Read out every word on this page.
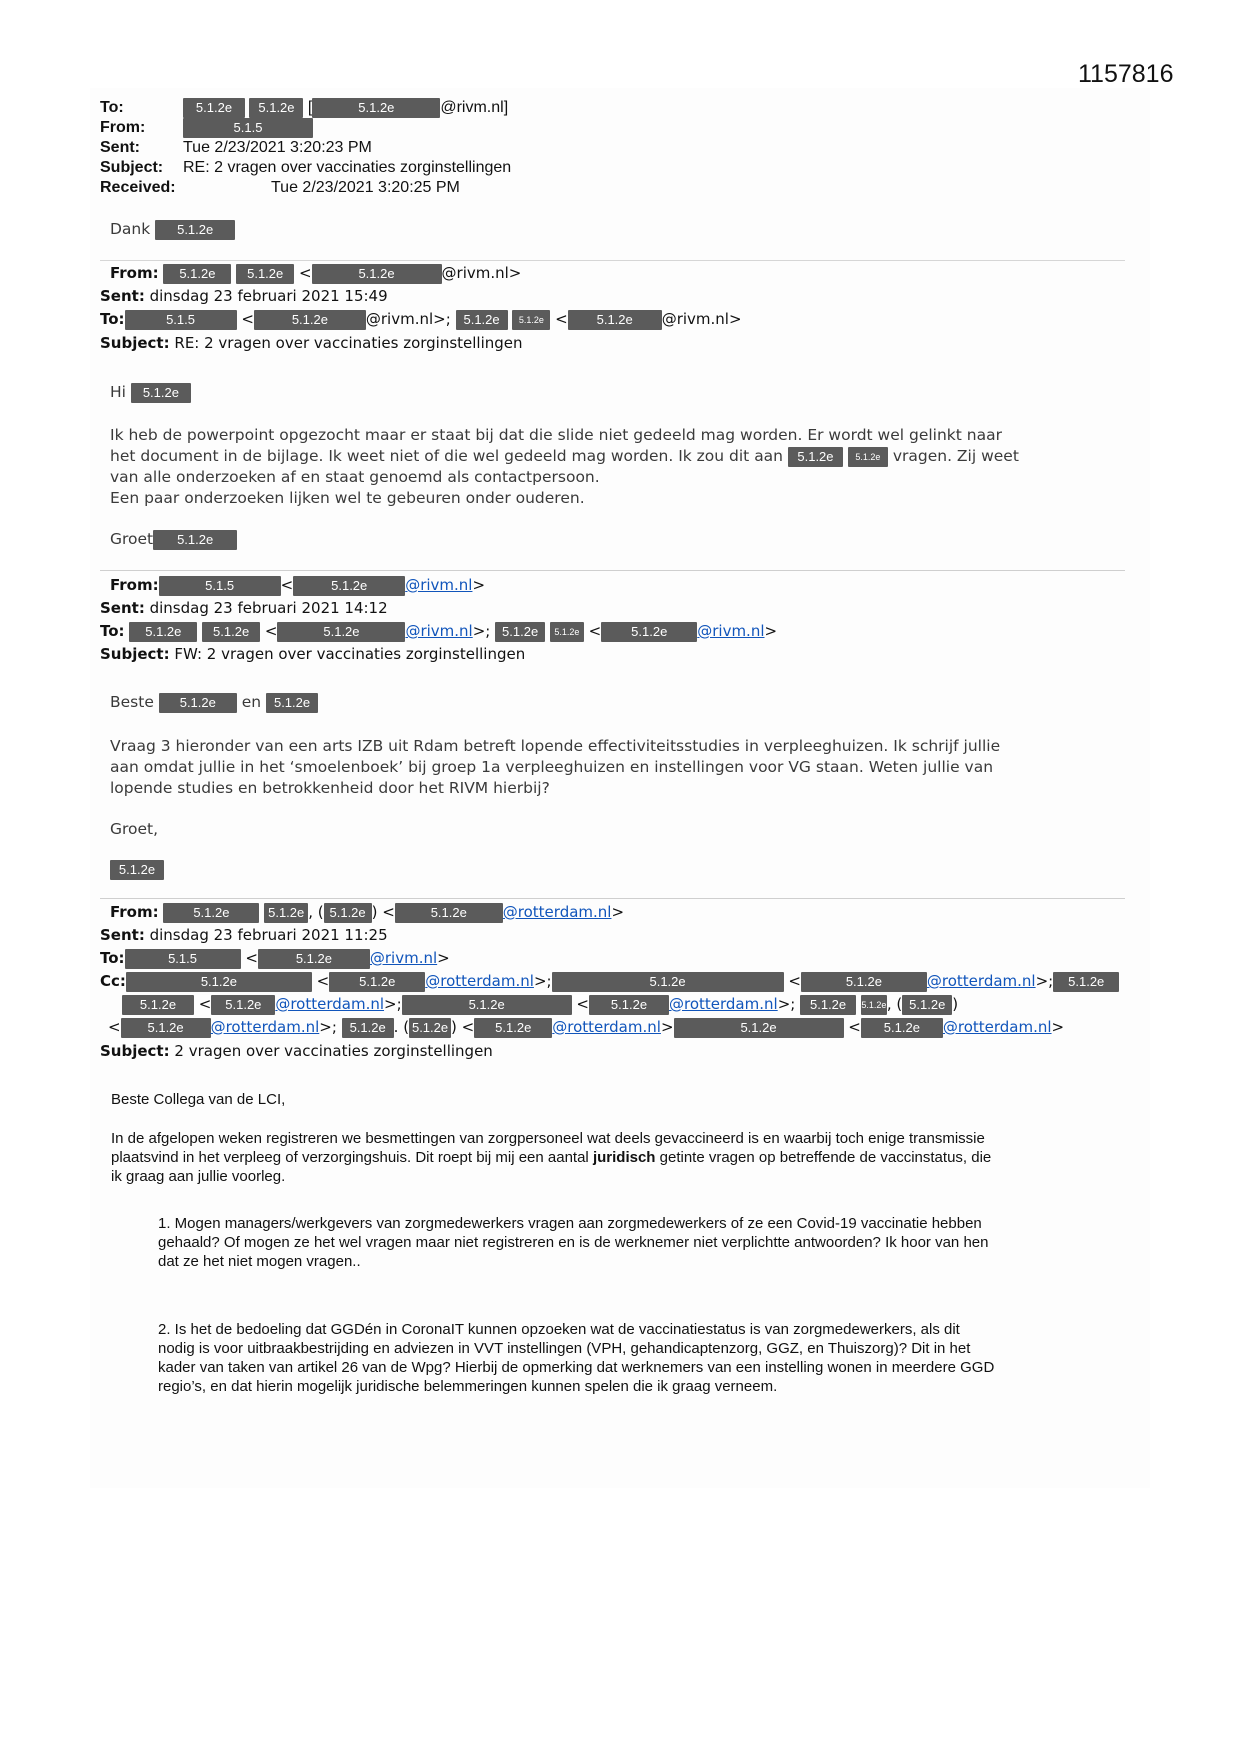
1157816
To:	5.1.2e 5.1.2e [	5.1.2e	@rivm.nl]
From:	5.1.5
Sent:	Tue 2/23/2021 3:20:23 PM
Subject: RE: 2 vragen over vaccinaties zorginstellingen
Received:	Tue 2/23/2021 3:20:25 PM
Dank 5.1.2e
From: 5.1.2e 5.1.2e <	5.1.2e	@rivm.nl>
Sent: dinsdag 23 februari 2021 15:49
To:	5.1.5	<	5.1.2e	@rivm.nl>; 5.1.2e 5.1.2e < 5.1.2e @rivm.nl>
Subject: RE: 2 vragen over vaccinaties zorginstellingen
Hi 5.1.2e
Ik heb de powerpoint opgezocht maar er staat bij dat die slide niet gedeeld mag worden. Er wordt wel gelinkt naar
het document in de bijlage. Ik weet niet of die wel gedeeld mag worden. Ik zou dit aan 5.1.2e 5.1.2e vragen. Zij weet
van alle onderzoeken af en staat genoemd als contactpersoon.
Een paar onderzoeken lijken wel te gebeuren onder ouderen.
Groet 5.1.2e
From:	5.1.5	<	5.1.2e	@rivm.nl>
Sent: dinsdag 23 februari 2021 14:12
To: 5.1.2e 5.1.2e <	5.1.2e	@rivm.nl>; 5.1.2e 5.1.2e < 5.1.2e @rivm.nl>
Subject: FW: 2 vragen over vaccinaties zorginstellingen
Beste 5.1.2e en 5.1.2e
Vraag 3 hieronder van een arts IZB uit Rdam betreft lopende effectiviteitsstudies in verpleeghuizen. Ik schrijf jullie
aan omdat jullie in het ‘smoelenboek’ bij groep 1a verpleeghuizen en instellingen voor VG staan. Weten jullie van
lopende studies en betrokkenheid door het RIVM hierbij?
Groet,
5.1.2e
From:	5.1.2e	5.1.2e , ( 5.1.2e ) <	5.1.2e @rotterdam.nl>
Sent: dinsdag 23 februari 2021 11:25
To:	5.1.5	<	5.1.2e	@rivm.nl>
Cc:	5.1.2e	< 5.1.2e @rotterdam.nl>;	5.1.2e	<	5.1.2e	@rotterdam.nl>; 5.1.2e
5.1.2e < 5.1.2e @rotterdam.nl>;	5.1.2e	< 5.1.2e @rotterdam.nl>; 5.1.2e 5.1.2e, ( 5.1.2e )
< 5.1.2e @rotterdam.nl>; 5.1.2e . ( 5.1.2e ) < 5.1.2e @rotterdam.nl>	5.1.2e	< 5.1.2e @rotterdam.nl>
Subject: 2 vragen over vaccinaties zorginstellingen
Beste Collega van de LCI,
In de afgelopen weken registreren we besmettingen van zorgpersoneel wat deels gevaccineerd is en waarbij toch enige transmissie
plaatsvind in het verpleeg of verzorgingshuis. Dit roept bij mij een aantal juridisch getinte vragen op betreffende de vaccinstatus, die
ik graag aan jullie voorleg.
1. Mogen managers/werkgevers van zorgmedewerkers vragen aan zorgmedewerkers of ze een Covid-19 vaccinatie hebben
gehaald? Of mogen ze het wel vragen maar niet registreren en is de werknemer niet verplichtte antwoorden? Ik hoor van hen
dat ze het niet mogen vragen..
2. Is het de bedoeling dat GGDén in CoronaIT kunnen opzoeken wat de vaccinatiestatus is van zorgmedewerkers, als dit
nodig is voor uitbraakbestrijding en adviezen in VVT instellingen (VPH, gehandicaptenzorg, GGZ, en Thuiszorg)? Dit in het
kader van taken van artikel 26 van de Wpg? Hierbij de opmerking dat werknemers van een instelling wonen in meerdere GGD
regio’s, en dat hierin mogelijk juridische belemmeringen kunnen spelen die ik graag verneem.
